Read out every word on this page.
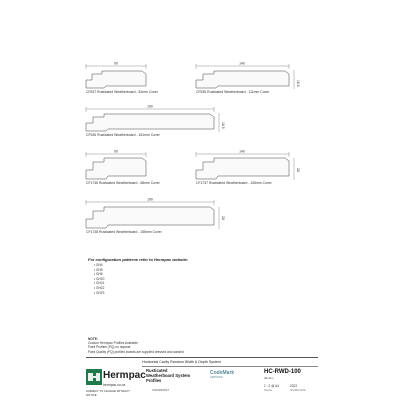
90	140
18.5
190
18.5
90	140
28
190
28
CF537 Rusticated Weatherboard - 81mm Cover	CF535 Rusticated Weatherboard - 111mm Cover
CF536 Rusticated Weatherboard - 161mm Cover
CF1736 Rusticated Weatherboard - 68mm Cover	CF1737 Rusticated Weatherboard - 106mm Cover
CF1738 Rusticated Weatherboard - 156mm Cover
For configuration patterns refer to Hermpac website:
• GH4
• GH5
• GH6
• GH20
• GH21
• GH22
• GH23
NOTE:
Custom Hermpac Profiles Available
Paint Profiles (PQ) on request
Paint Quality (PQ) profiled boards are supplied dressed and sanded
Horizontal Cavity Random Width & Depth System
Hermpac
hermpac.co.nz
SUBJECT TO CHANGE WITHOUT NOTICE
Rusticated
Weatherboard System
Profiles
CMNZ30037
CodeMark
CERTIFIED
HC-RWD-100
(Metric)
1 : 2 @ A4
SCALE
2022
ISSUED DATE
